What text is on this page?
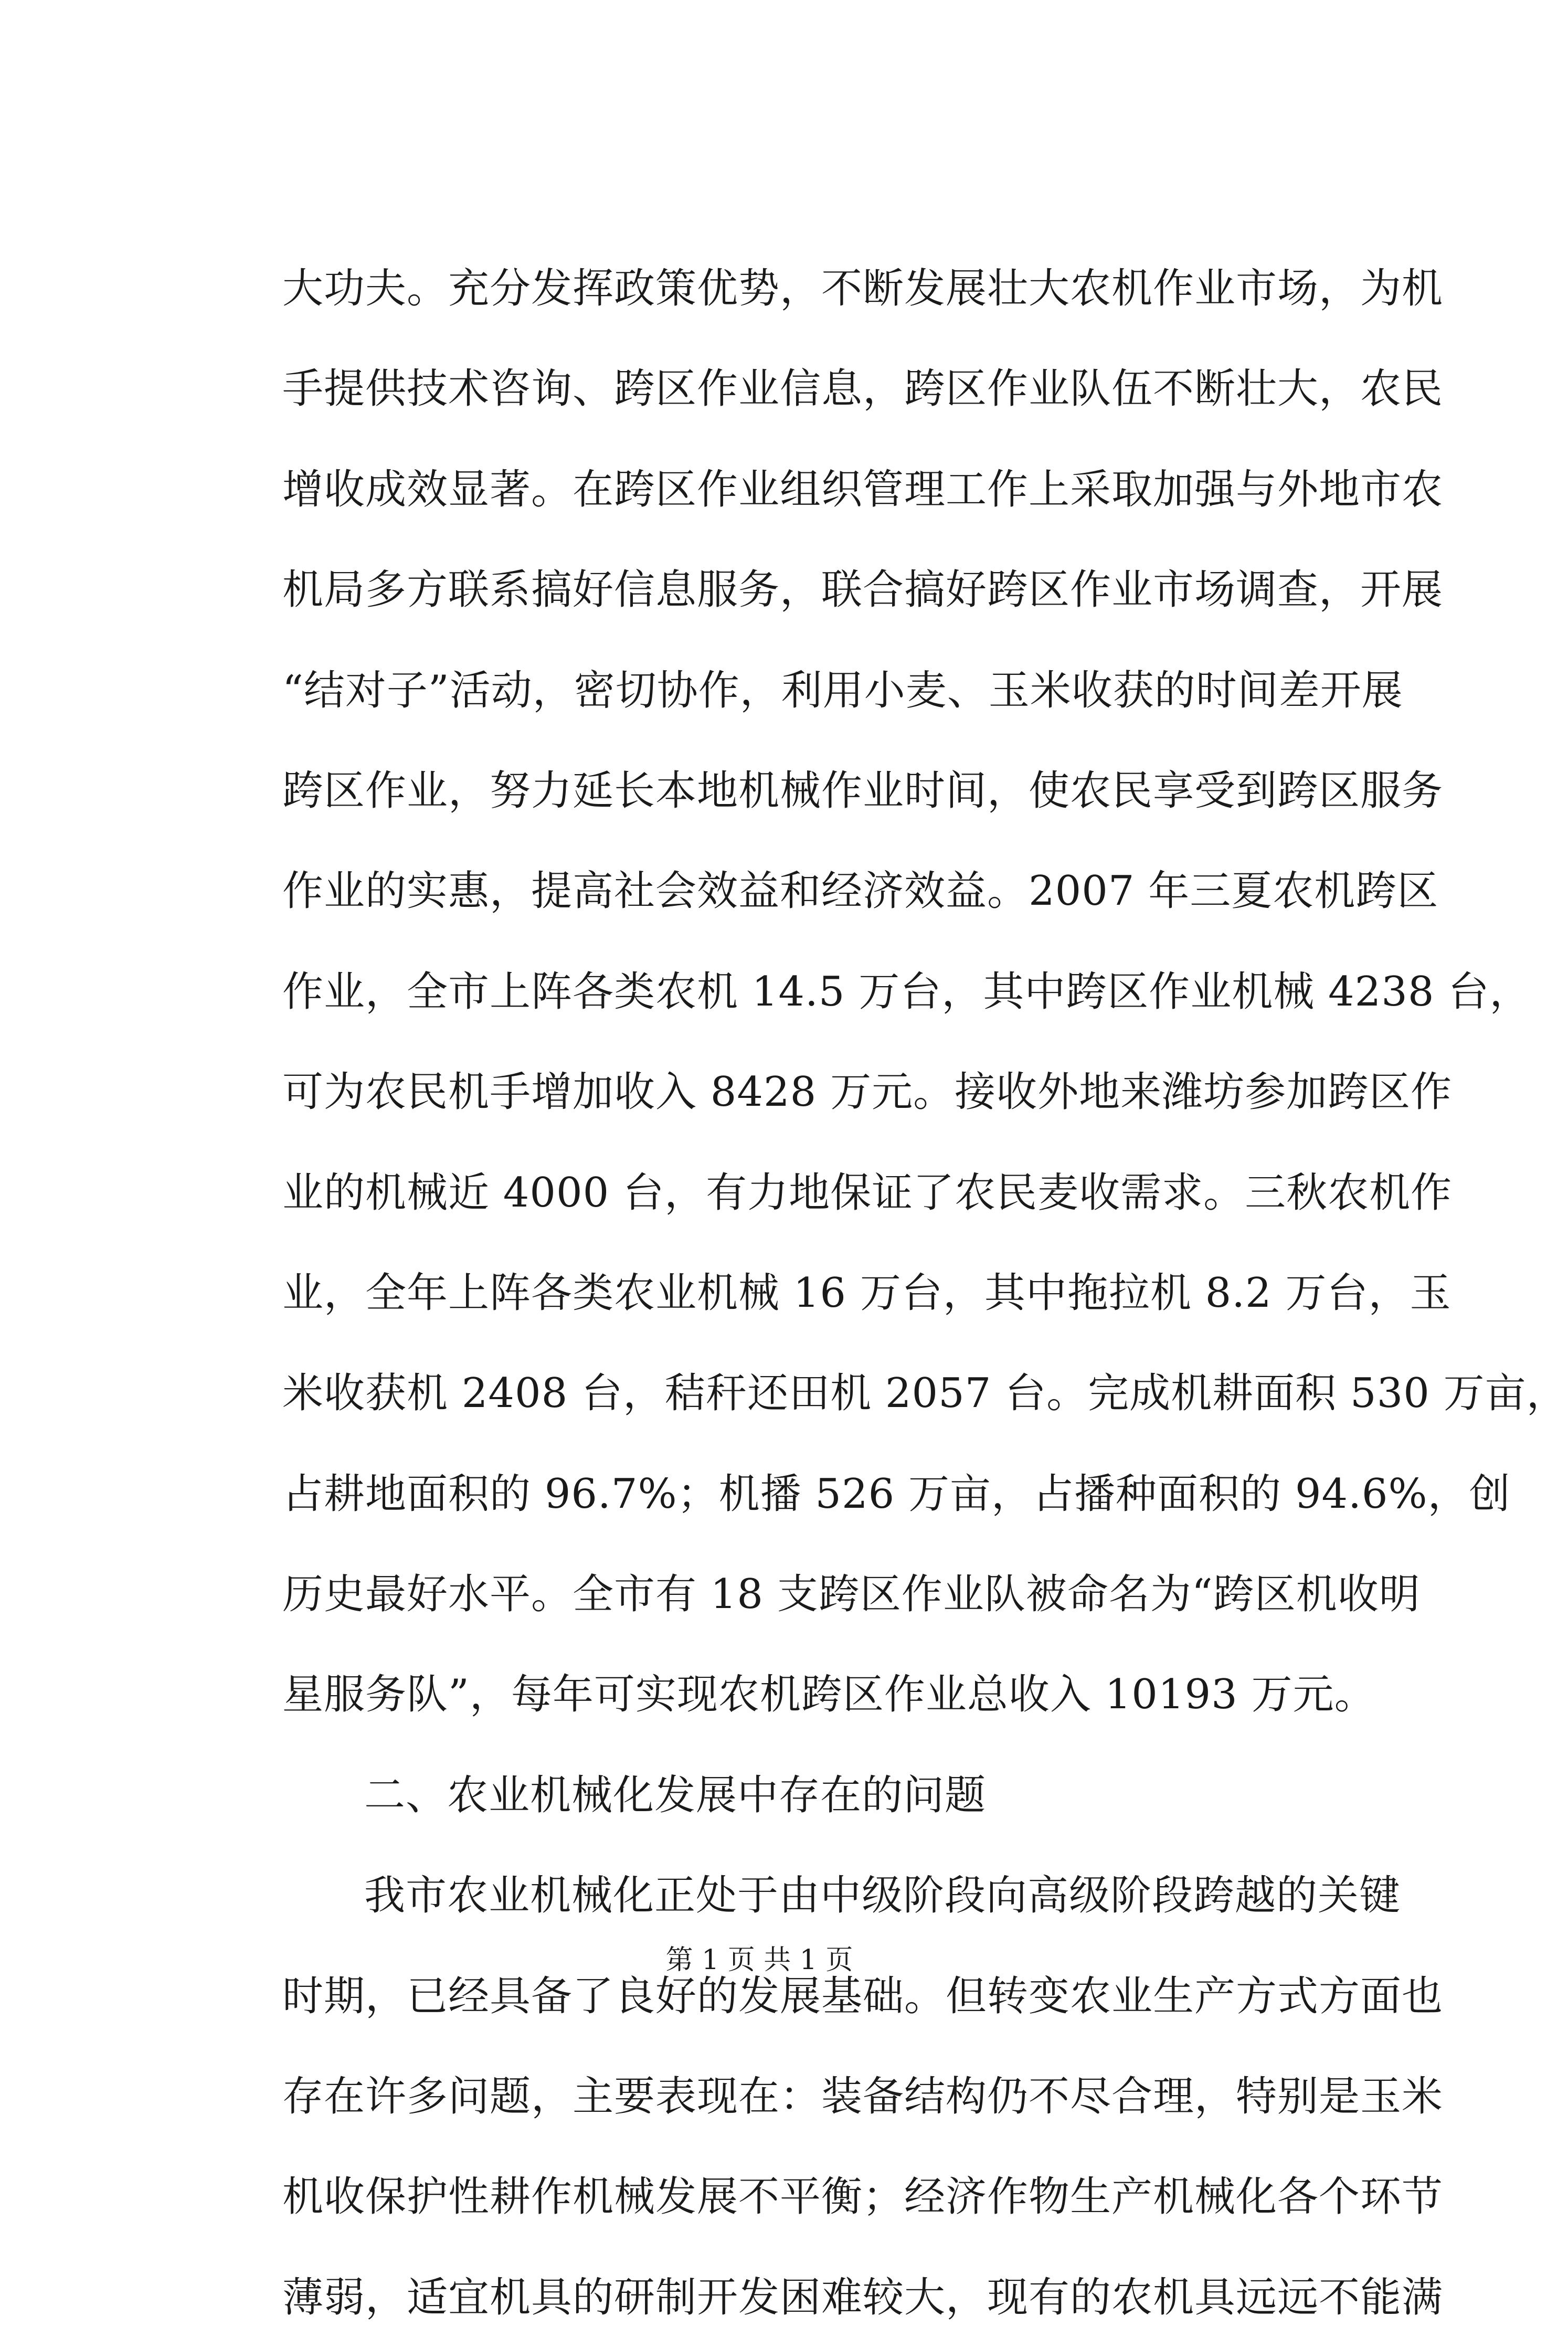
大功夫。充分发挥政策优势，不断发展壮大农机作业市场，为机
手提供技术咨询、跨区作业信息，跨区作业队伍不断壮大，农民
增收成效显著。在跨区作业组织管理工作上采取加强与外地市农
机局多方联系搞好信息服务，联合搞好跨区作业市场调查，开展
“结对子”活动，密切协作，利用小麦、玉米收获的时间差开展
跨区作业，努力延长本地机械作业时间，使农民享受到跨区服务
作业的实惠，提高社会效益和经济效益。2007 年三夏农机跨区
作业，全市上阵各类农机 14.5 万台，其中跨区作业机械 4238 台，
可为农民机手增加收入 8428 万元。接收外地来潍坊参加跨区作
业的机械近 4000 台，有力地保证了农民麦收需求。三秋农机作
业，全年上阵各类农业机械 16 万台，其中拖拉机 8.2 万台，玉
米收获机 2408 台，秸秆还田机 2057 台。完成机耕面积 530 万亩，
占耕地面积的 96.7%；机播 526 万亩，占播种面积的 94.6%，创
历史最好水平。全市有 18 支跨区作业队被命名为“跨区机收明
星服务队”，每年可实现农机跨区作业总收入 10193 万元。
二、农业机械化发展中存在的问题
我市农业机械化正处于由中级阶段向高级阶段跨越的关键
时期，已经具备了良好的发展基础。但转变农业生产方式方面也
存在许多问题，主要表现在：装备结构仍不尽合理，特别是玉米
机收保护性耕作机械发展不平衡；经济作物生产机械化各个环节
薄弱，适宜机具的研制开发困难较大，现有的农机具远远不能满
第 1 页 共 1 页
